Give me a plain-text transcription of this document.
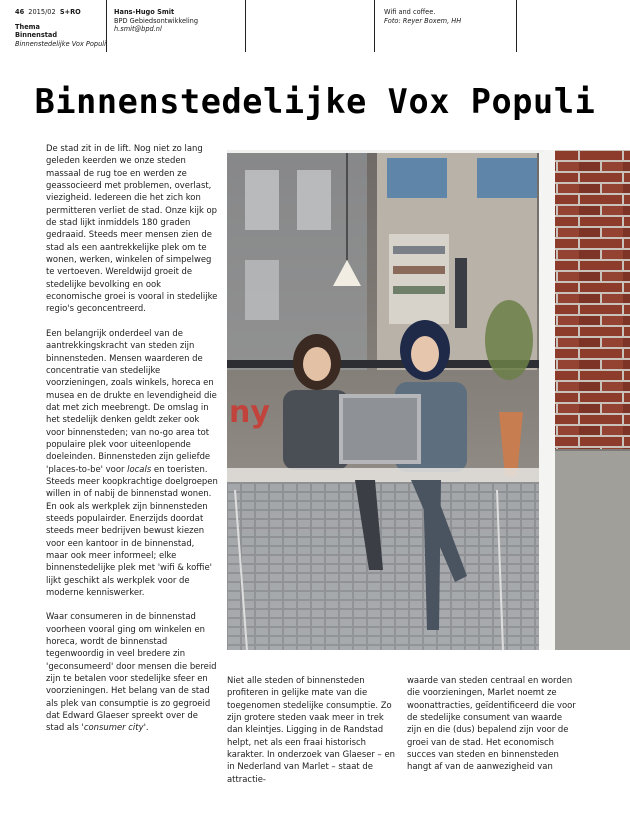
46 2015/02 S+RO
Thema
Binnenstad
Binnenstedelijke Vox Populi
Hans-Hugo Smit
BPD Gebiedsontwikkeling
h.smit@bpd.nl
Wifi and coffee.
Foto: Reyer Boxem, HH
Binnenstedelijke Vox Populi

De stad zit in de lift. Nog niet zo lang geleden keerden we onze steden massaal de rug toe en werden ze geassocieerd met problemen, overlast, viezigheid. Iedereen die het zich kon permitteren verliet de stad. Onze kijk op de stad lijkt inmiddels 180 graden gedraaid. Steeds meer mensen zien de stad als een aantrekkelijke plek om te wonen, werken, winkelen of simpelweg te vertoeven. Wereldwijd groeit de stedelijke bevolking en ook economische groei is vooral in stedelijke regio's geconcentreerd.

Een belangrijk onderdeel van de aantrekkingskracht van steden zijn binnensteden. Mensen waarderen de concentratie van stedelijke voorzieningen, zoals winkels, horeca en musea en de drukte en levendigheid die dat met zich meebrengt. De omslag in het stedelijk denken geldt zeker ook voor binnensteden; van no-go area tot populaire plek voor uiteenlopende doeleinden. Binnensteden zijn geliefde 'places-to-be' voor locals en toeristen. Steeds meer koopkrachtige doelgroepen willen in of nabij de binnenstad wonen. En ook als werkplek zijn binnensteden steeds populairder. Enerzijds doordat steeds meer bedrijven bewust kiezen voor een kantoor in de binnenstad, maar ook meer informeel; elke binnenstedelijke plek met 'wifi & koffie' lijkt geschikt als werkplek voor de moderne kenniswerker.

Waar consumeren in de binnenstad voorheen vooral ging om winkelen en horeca, wordt de binnenstad tegenwoordig in veel bredere zin 'geconsumeerd' door mensen die bereid zijn te betalen voor stedelijke sfeer en voorzieningen. Het belang van de stad als plek van consumptie is zo gegroeid dat Edward Glaeser spreekt over de stad als 'consumer city'.

ny

Niet alle steden of binnensteden profiteren in gelijke mate van die toegenomen stedelijke consumptie. Zo zijn grotere steden vaak meer in trek dan kleintjes. Ligging in de Randstad helpt, net als een fraai historisch karakter. In onderzoek van Glaeser – en in Nederland van Marlet – staat de attractie-

waarde van steden centraal en worden die voorzieningen, Marlet noemt ze woonattracties, geïdentificeerd die voor de stedelijke consument van waarde zijn en die (dus) bepalend zijn voor de groei van de stad. Het economisch succes van steden en binnensteden hangt af van de aanwezigheid van
